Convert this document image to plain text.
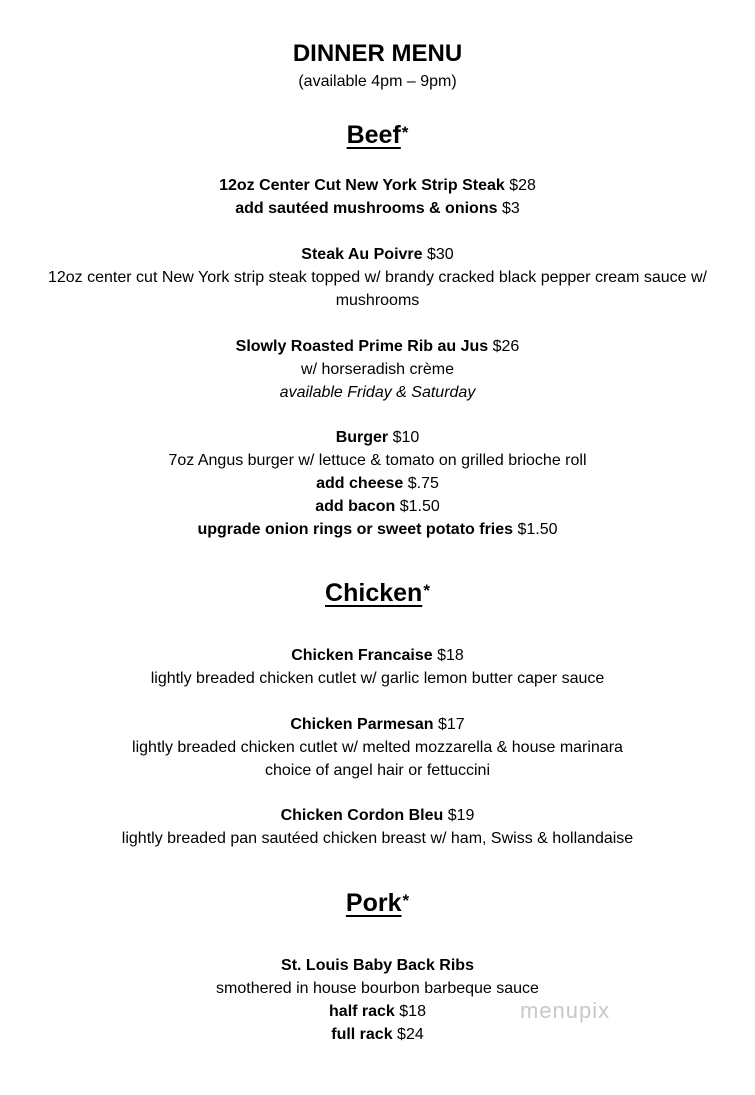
DINNER MENU
(available 4pm – 9pm)
Beef*
12oz Center Cut New York Strip Steak $28
add sautéed mushrooms & onions $3
Steak Au Poivre $30
12oz center cut New York strip steak topped w/ brandy cracked black pepper cream sauce w/ mushrooms
Slowly Roasted Prime Rib au Jus $26
w/ horseradish crème
available Friday & Saturday
Burger $10
7oz Angus burger w/ lettuce & tomato on grilled brioche roll
add cheese $.75
add bacon $1.50
upgrade onion rings or sweet potato fries $1.50
Chicken*
Chicken Francaise $18
lightly breaded chicken cutlet w/ garlic lemon butter caper sauce
Chicken Parmesan $17
lightly breaded chicken cutlet w/ melted mozzarella & house marinara
choice of angel hair or fettuccini
Chicken Cordon Bleu $19
lightly breaded pan sautéed chicken breast w/ ham, Swiss & hollandaise
Pork*
St. Louis Baby Back Ribs
smothered in house bourbon barbeque sauce
half rack $18
full rack $24
menupix
